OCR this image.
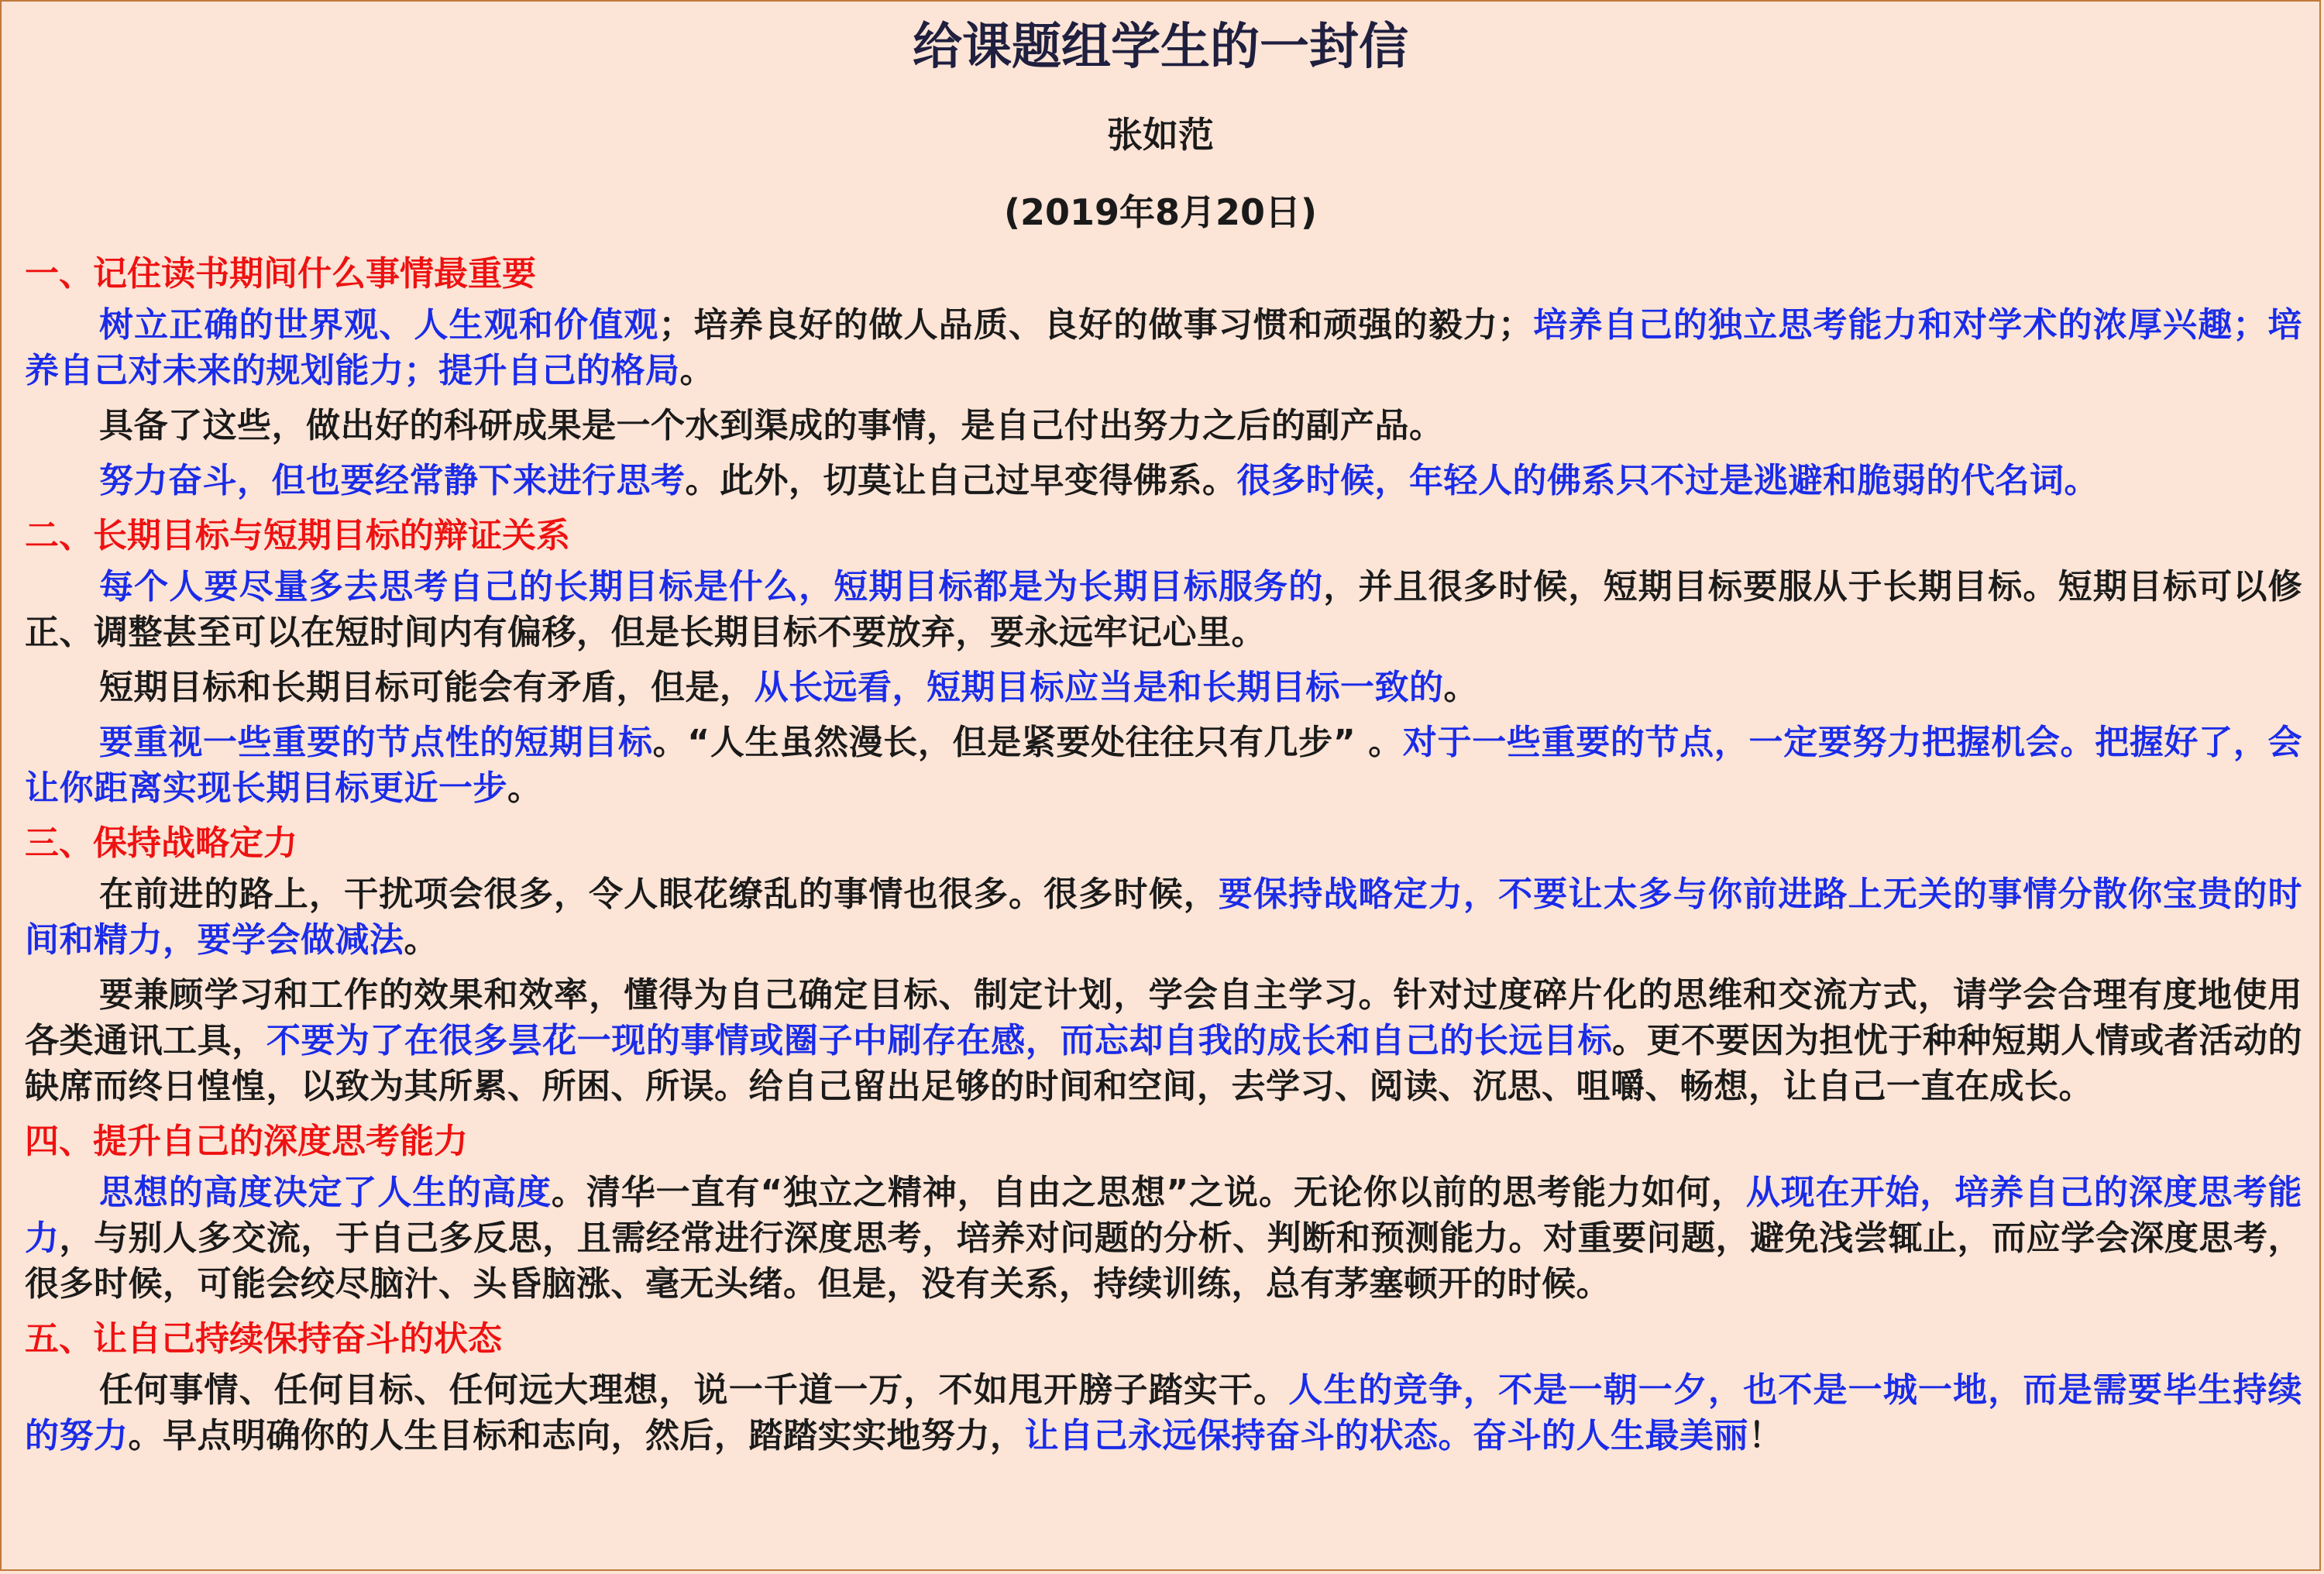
给课题组学生的一封信
张如范
(2019年8月20日)
一、记住读书期间什么事情最重要
树立正确的世界观、人生观和价值观；培养良好的做人品质、良好的做事习惯和顽强的毅力；培养自己的独立思考能力和对学术的浓厚兴趣；培养自己对未来的规划能力；提升自己的格局。
具备了这些，做出好的科研成果是一个水到渠成的事情，是自己付出努力之后的副产品。
努力奋斗，但也要经常静下来进行思考。此外，切莫让自己过早变得佛系。很多时候，年轻人的佛系只不过是逃避和脆弱的代名词。
二、长期目标与短期目标的辩证关系
每个人要尽量多去思考自己的长期目标是什么，短期目标都是为长期目标服务的，并且很多时候，短期目标要服从于长期目标。短期目标可以修正、调整甚至可以在短时间内有偏移，但是长期目标不要放弃，要永远牢记心里。
短期目标和长期目标可能会有矛盾，但是，从长远看，短期目标应当是和长期目标一致的。
要重视一些重要的节点性的短期目标。“人生虽然漫长，但是紧要处往往只有几步” 。对于一些重要的节点，一定要努力把握机会。把握好了，会让你距离实现长期目标更近一步。
三、保持战略定力
在前进的路上，干扰项会很多，令人眼花缭乱的事情也很多。很多时候，要保持战略定力，不要让太多与你前进路上无关的事情分散你宝贵的时间和精力，要学会做减法。
要兼顾学习和工作的效果和效率，懂得为自己确定目标、制定计划，学会自主学习。针对过度碎片化的思维和交流方式，请学会合理有度地使用各类通讯工具，不要为了在很多昙花一现的事情或圈子中刷存在感，而忘却自我的成长和自己的长远目标。更不要因为担忧于种种短期人情或者活动的缺席而终日惶惶，以致为其所累、所困、所误。给自己留出足够的时间和空间，去学习、阅读、沉思、咀嚼、畅想，让自己一直在成长。
四、提升自己的深度思考能力
思想的高度决定了人生的高度。清华一直有“独立之精神，自由之思想”之说。无论你以前的思考能力如何，从现在开始，培养自己的深度思考能力，与别人多交流，于自己多反思，且需经常进行深度思考，培养对问题的分析、判断和预测能力。对重要问题，避免浅尝辄止，而应学会深度思考，很多时候，可能会绞尽脑汁、头昏脑涨、毫无头绪。但是，没有关系，持续训练，总有茅塞顿开的时候。
五、让自己持续保持奋斗的状态
任何事情、任何目标、任何远大理想，说一千道一万，不如甩开膀子踏实干。人生的竞争，不是一朝一夕，也不是一城一地，而是需要毕生持续的努力。早点明确你的人生目标和志向，然后，踏踏实实地努力，让自己永远保持奋斗的状态。奋斗的人生最美丽！
